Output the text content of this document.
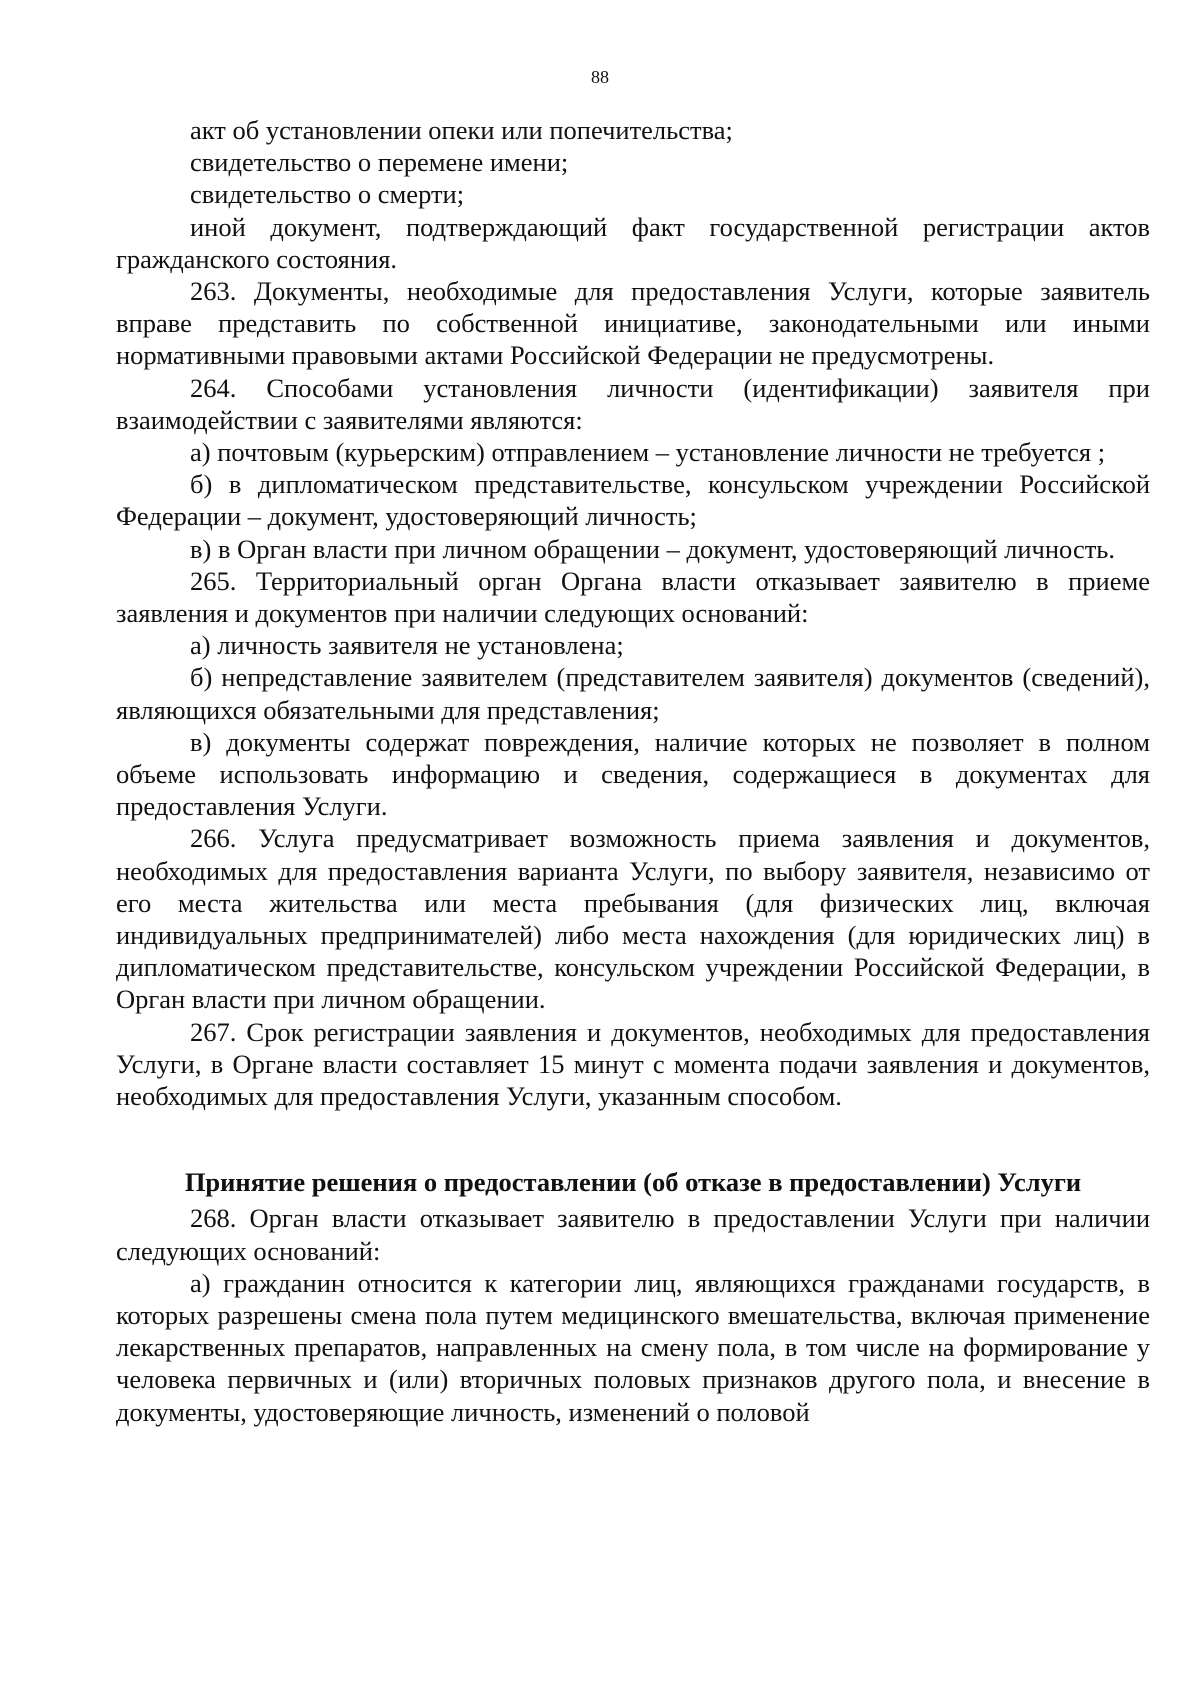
88

акт об установлении опеки или попечительства;

свидетельство о перемене имени;

свидетельство о смерти;

иной документ, подтверждающий факт государственной регистрации актов гражданского состояния.

263. Документы, необходимые для предоставления Услуги, которые заявитель вправе представить по собственной инициативе, законодательными или иными нормативными правовыми актами Российской Федерации не предусмотрены.

264. Способами установления личности (идентификации) заявителя при взаимодействии с заявителями являются:

а) почтовым (курьерским) отправлением – установление личности не требуется ;

б) в дипломатическом представительстве, консульском учреждении Российской Федерации – документ, удостоверяющий личность;

в) в Орган власти при личном обращении – документ, удостоверяющий личность.

265. Территориальный орган Органа власти отказывает заявителю в приеме заявления и документов при наличии следующих оснований:

а) личность заявителя не установлена;

б) непредставление заявителем (представителем заявителя) документов (сведений), являющихся обязательными для представления;

в) документы содержат повреждения, наличие которых не позволяет в полном объеме использовать информацию и сведения, содержащиеся в документах для предоставления Услуги.

266. Услуга предусматривает возможность приема заявления и документов, необходимых для предоставления варианта Услуги, по выбору заявителя, независимо от его места жительства или места пребывания (для физических лиц, включая индивидуальных предпринимателей) либо места нахождения (для юридических лиц) в дипломатическом представительстве, консульском учреждении Российской Федерации, в Орган власти при личном обращении.

267. Срок регистрации заявления и документов, необходимых для предоставления Услуги, в Органе власти составляет 15 минут с момента подачи заявления и документов, необходимых для предоставления Услуги, указанным способом.

Принятие решения о предоставлении (об отказе в предоставлении) Услуги

268. Орган власти отказывает заявителю в предоставлении Услуги при наличии следующих оснований:

а) гражданин относится к категории лиц, являющихся гражданами государств, в которых разрешены смена пола путем медицинского вмешательства, включая применение лекарственных препаратов, направленных на смену пола, в том числе на формирование у человека первичных и (или) вторичных половых признаков другого пола, и внесение в документы, удостоверяющие личность, изменений о половой
